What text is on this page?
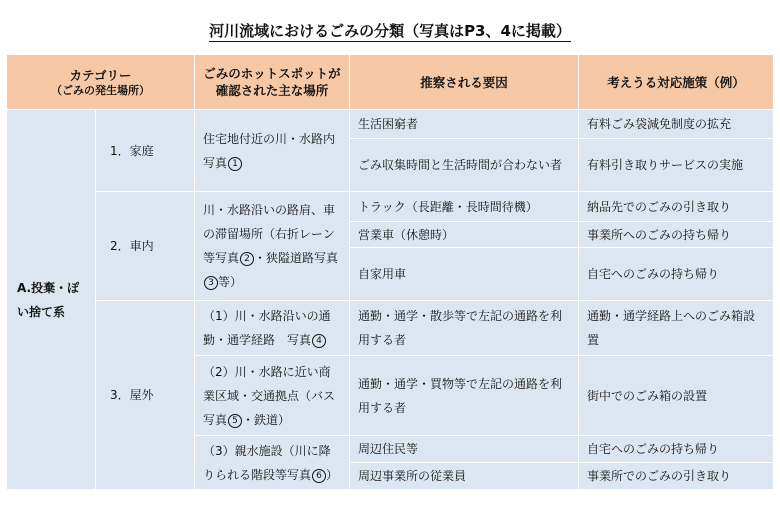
河川流域におけるごみの分類（写真はP3、4に掲載）
カテゴリー
（ごみの発生場所）		ごみのホットスポットが確認された主な場所	推察される要因	考えうる対応施策（例）
A.投棄・ぽい捨て系	1．家庭	住宅地付近の川・水路内　写真 1	生活困窮者	有料ごみ袋減免制度の拡充
			ごみ収集時間と生活時間が合わない者	有料引き取りサービスの実施
	2．車内	川・水路沿いの路肩、車の滞留場所（右折レーン等写真 2 ・狭隘道路写真3 等）	トラック（長距離・長時間待機）	納品先でのごみの引き取り
			営業車（休憩時）	事業所へのごみの持ち帰り
			自家用車	自宅へのごみの持ち帰り
	3．屋外	（1）川・水路沿いの通勤・通学経路　写真 4	通勤・通学・散歩等で左記の通路を利用する者	通勤・通学経路上へのごみ箱設置
		（2）川・水路に近い商業区域・交通拠点（バス写真 5 ・鉄道）	通勤・通学・買物等で左記の通路を利用する者	街中でのごみ箱の設置
		（3）親水施設（川に降りられる階段等写真 6 ）	周辺住民等	自宅へのごみの持ち帰り
			周辺事業所の従業員	事業所でのごみの引き取り
